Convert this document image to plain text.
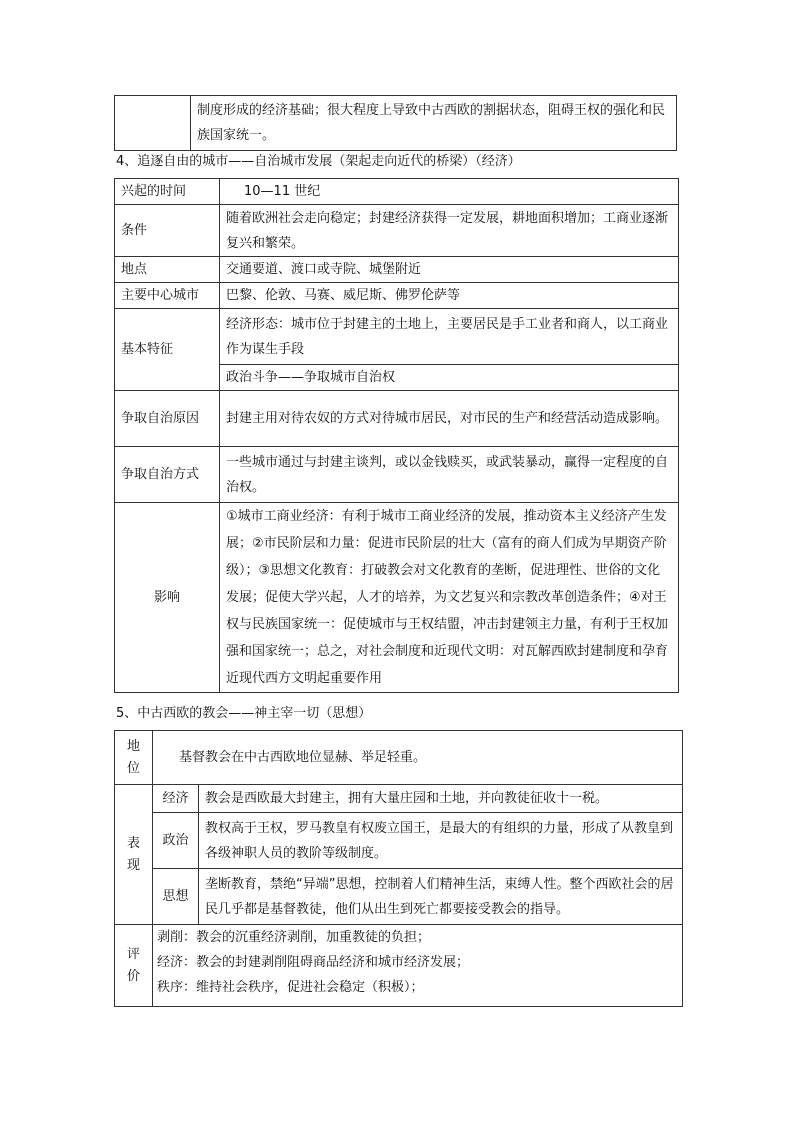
	制度形成的经济基础；很大程度上导致中古西欧的割据状态，阻碍王权的强化和民族国家统一。
4、追逐自由的城市——自治城市发展（架起走向近代的桥梁）（经济）
兴起的时间	10—11 世纪
条件	随着欧洲社会走向稳定；封建经济获得一定发展，耕地面积增加；工商业逐渐复兴和繁荣。
地点	交通要道、渡口或寺院、城堡附近
主要中心城市	巴黎、伦敦、马赛、威尼斯、佛罗伦萨等
基本特征	经济形态：城市位于封建主的土地上，主要居民是手工业者和商人，以工商业作为谋生手段
	政治斗争——争取城市自治权
争取自治原因	封建主用对待农奴的方式对待城市居民，对市民的生产和经营活动造成影响。
争取自治方式	一些城市通过与封建主谈判，或以金钱赎买，或武装暴动，赢得一定程度的自治权。
影响	①城市工商业经济：有利于城市工商业经济的发展，推动资本主义经济产生发展；②市民阶层和力量：促进市民阶层的壮大（富有的商人们成为早期资产阶级）；③思想文化教育：打破教会对文化教育的垄断，促进理性、世俗的文化发展；促使大学兴起，人才的培养，为文艺复兴和宗教改革创造条件；④对王权与民族国家统一：促使城市与王权结盟，冲击封建领主力量，有利于王权加强和国家统一；总之，对社会制度和近现代文明：对瓦解西欧封建制度和孕育近现代西方文明起重要作用
5、中古西欧的教会——神主宰一切（思想）
地位	基督教会在中古西欧地位显赫、举足轻重。	
表现	经济	教会是西欧最大封建主，拥有大量庄园和土地，并向教徒征收十一税。
	政治	教权高于王权，罗马教皇有权废立国王，是最大的有组织的力量，形成了从教皇到各级神职人员的教阶等级制度。
	思想	垄断教育，禁绝“异端”思想，控制着人们精神生活，束缚人性。整个西欧社会的居民几乎都是基督教徒，他们从出生到死亡都要接受教会的指导。
评价	剥削：教会的沉重经济剥削，加重教徒的负担；
经济：教会的封建剥削阻碍商品经济和城市经济发展；
秩序：维持社会秩序，促进社会稳定（积极）；	
